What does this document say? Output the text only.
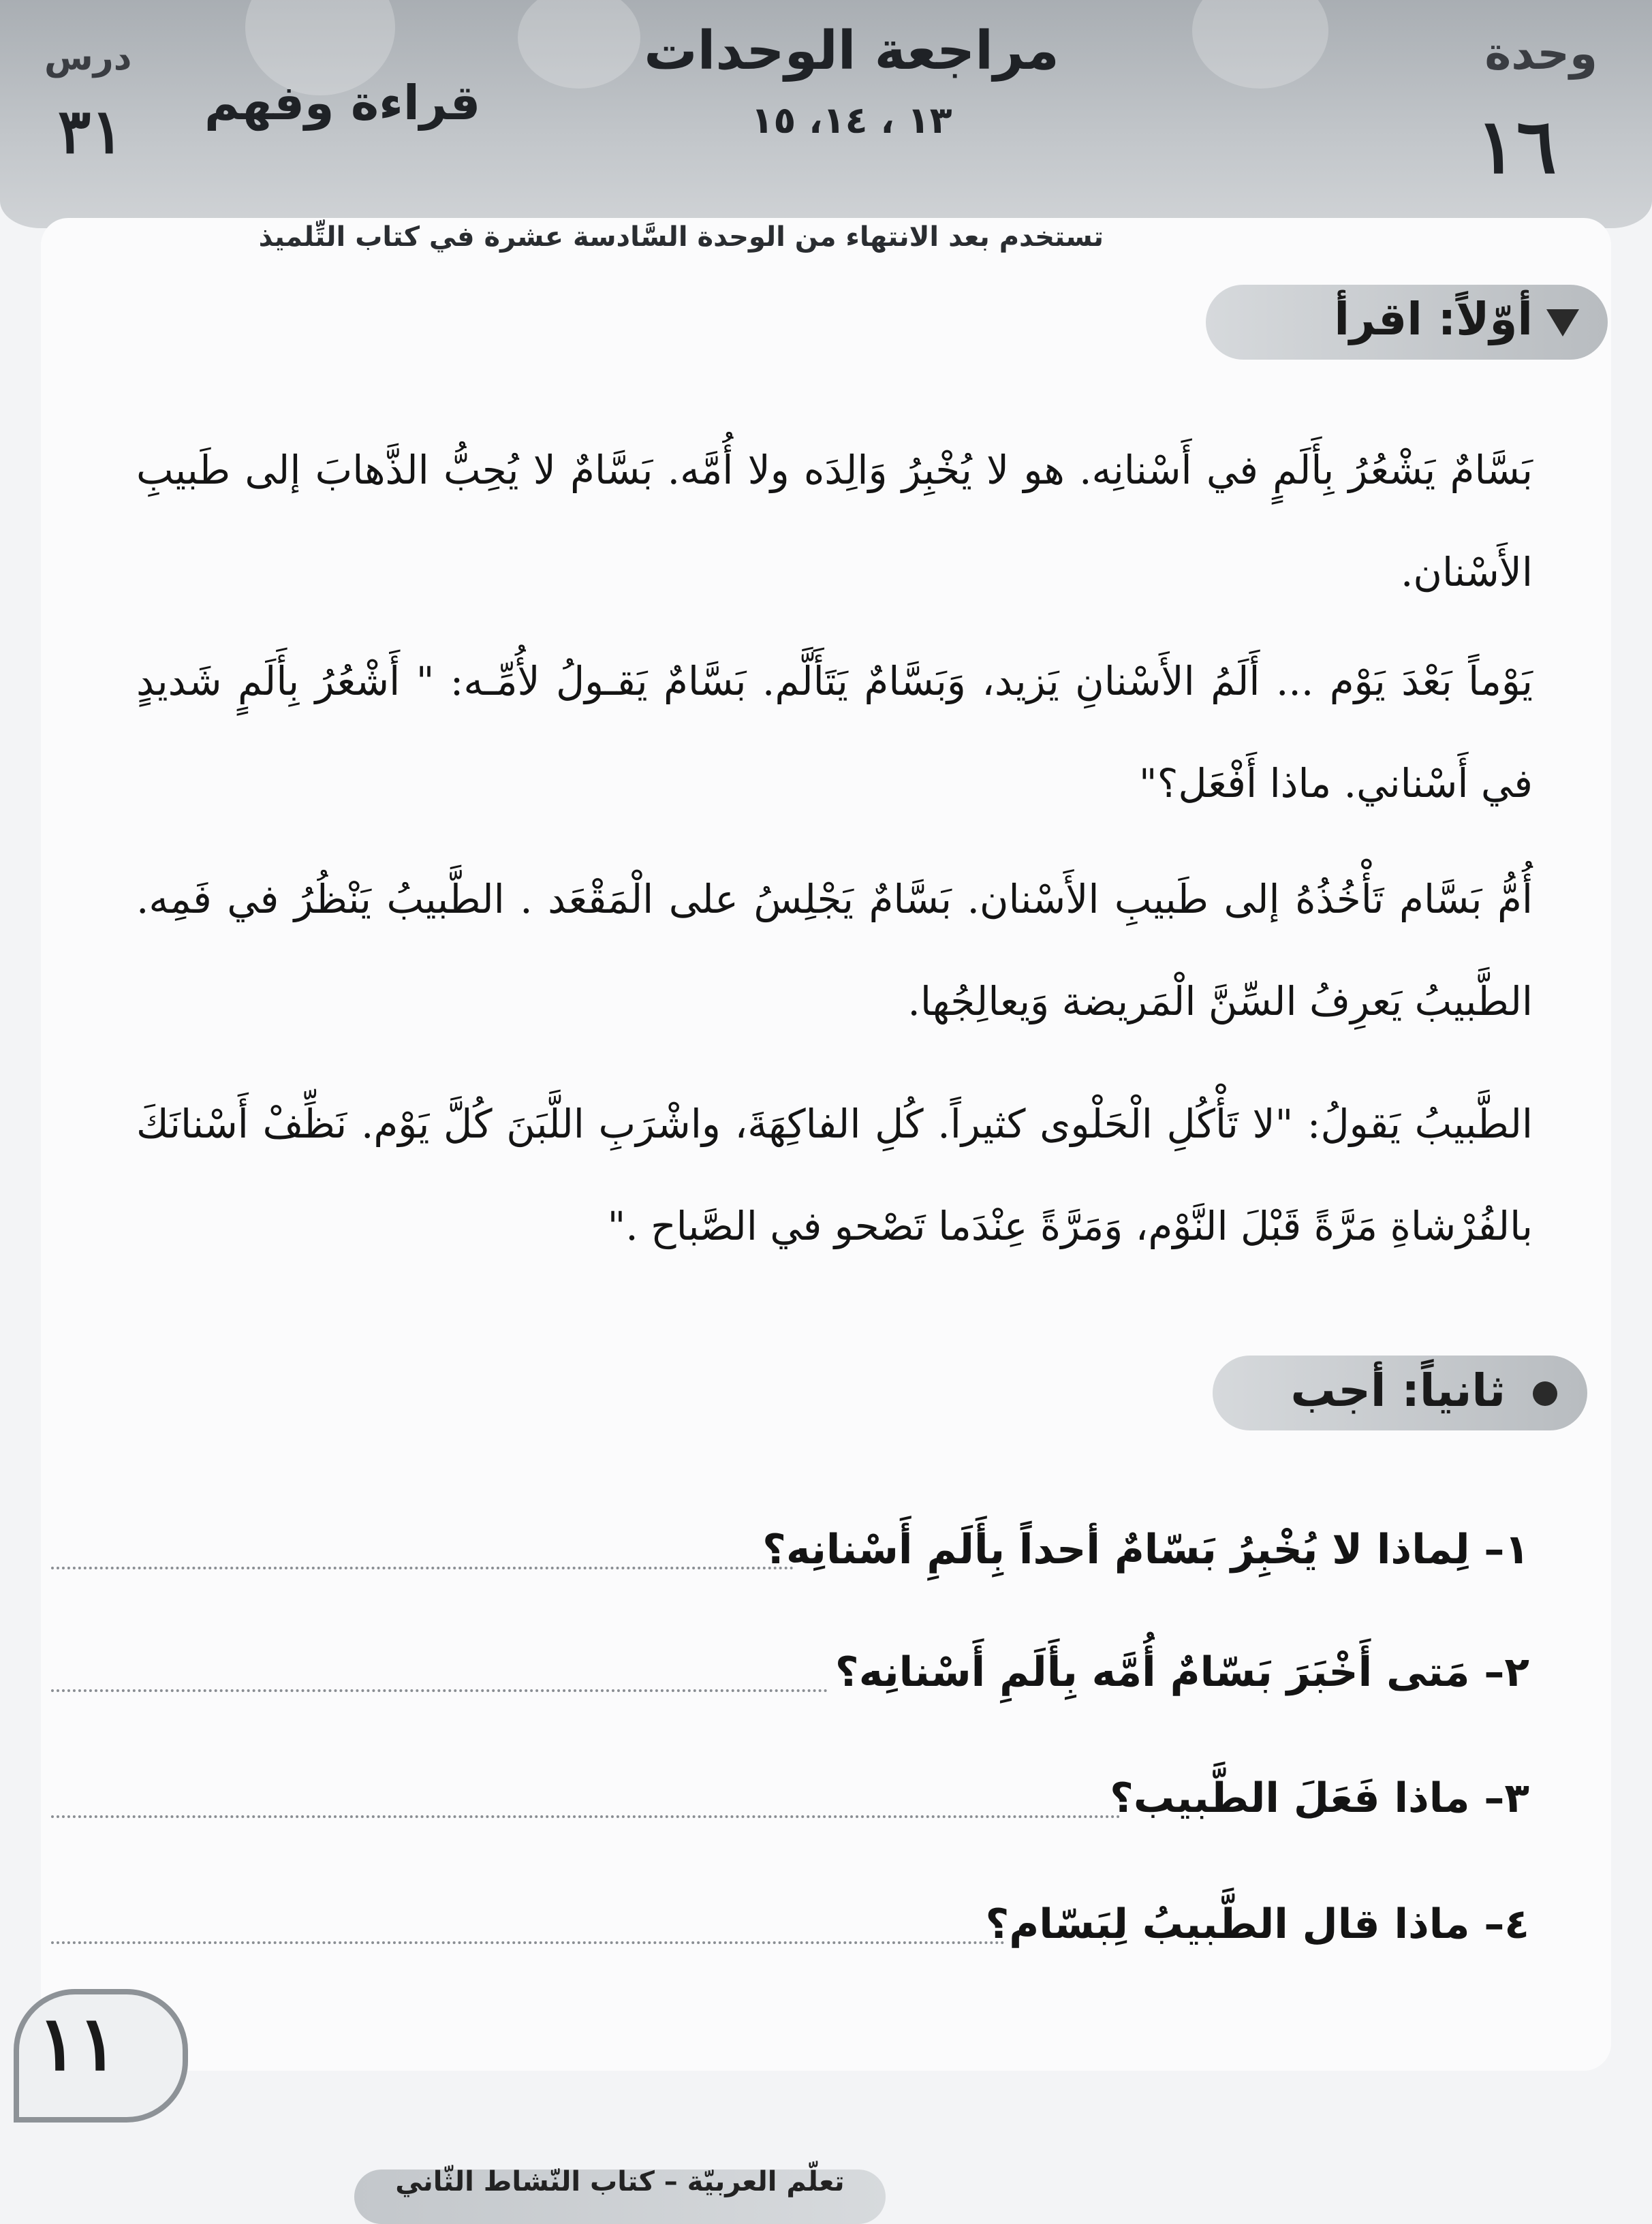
وحدة
١٦
مراجعة الوحدات
١٣ ، ١٤، ١٥
درس
٣١ قراءة وفهم
تستخدم بعد الانتهاء من الوحدة السَّادسة عشرة في كتاب التِّلميذ
أوّلاً: اقرأ
بَسَّامٌ يَشْعُرُ بِأَلَمٍ في أَسْنانِه. هو لا يُخْبِرُ وَالِدَه ولا أُمَّه. بَسَّامٌ لا يُحِبُّ الذَّهابَ إلى طَبيبِ الأَسْنان.
يَوْماً بَعْدَ يَوْم ... أَلَمُ الأَسْنانِ يَزيد، وَبَسَّامٌ يَتَأَلَّم. بَسَّامٌ يَقـولُ لأُمِّـه: " أَشْعُرُ بِأَلَمٍ شَديدٍ في أَسْناني. ماذا أَفْعَل؟"
أُمُّ بَسَّام تَأْخُذُهُ إلى طَبيبِ الأَسْنان. بَسَّامٌ يَجْلِسُ على الْمَقْعَد . الطَّبيبُ يَنْظُرُ في فَمِه. الطَّبيبُ يَعرِفُ السِّنَّ الْمَريضة وَيعالِجُها.
الطَّبيبُ يَقولُ: "لا تَأْكُلِ الْحَلْوى كثيراً. كُلِ الفاكِهَةَ، واشْرَبِ اللَّبَنَ كُلَّ يَوْم. نَظِّفْ أَسْنانَكَ بالفُرْشاةِ مَرَّةً قَبْلَ النَّوْم، وَمَرَّةً عِنْدَما تَصْحو في الصَّباح ."
ثانياً: أجب
١– لِماذا لا يُخْبِرُ بَسّامٌ أحداً بِأَلَمِ أَسْنانِه؟
٢– مَتى أَخْبَرَ بَسّامٌ أُمَّه بِأَلَمِ أَسْنانِه؟
٣– ماذا فَعَلَ الطَّبيب؟
٤– ماذا قال الطَّبيبُ لِبَسّام؟
١١
تعلّم العربيّة – كتاب النّشاط الثّاني
